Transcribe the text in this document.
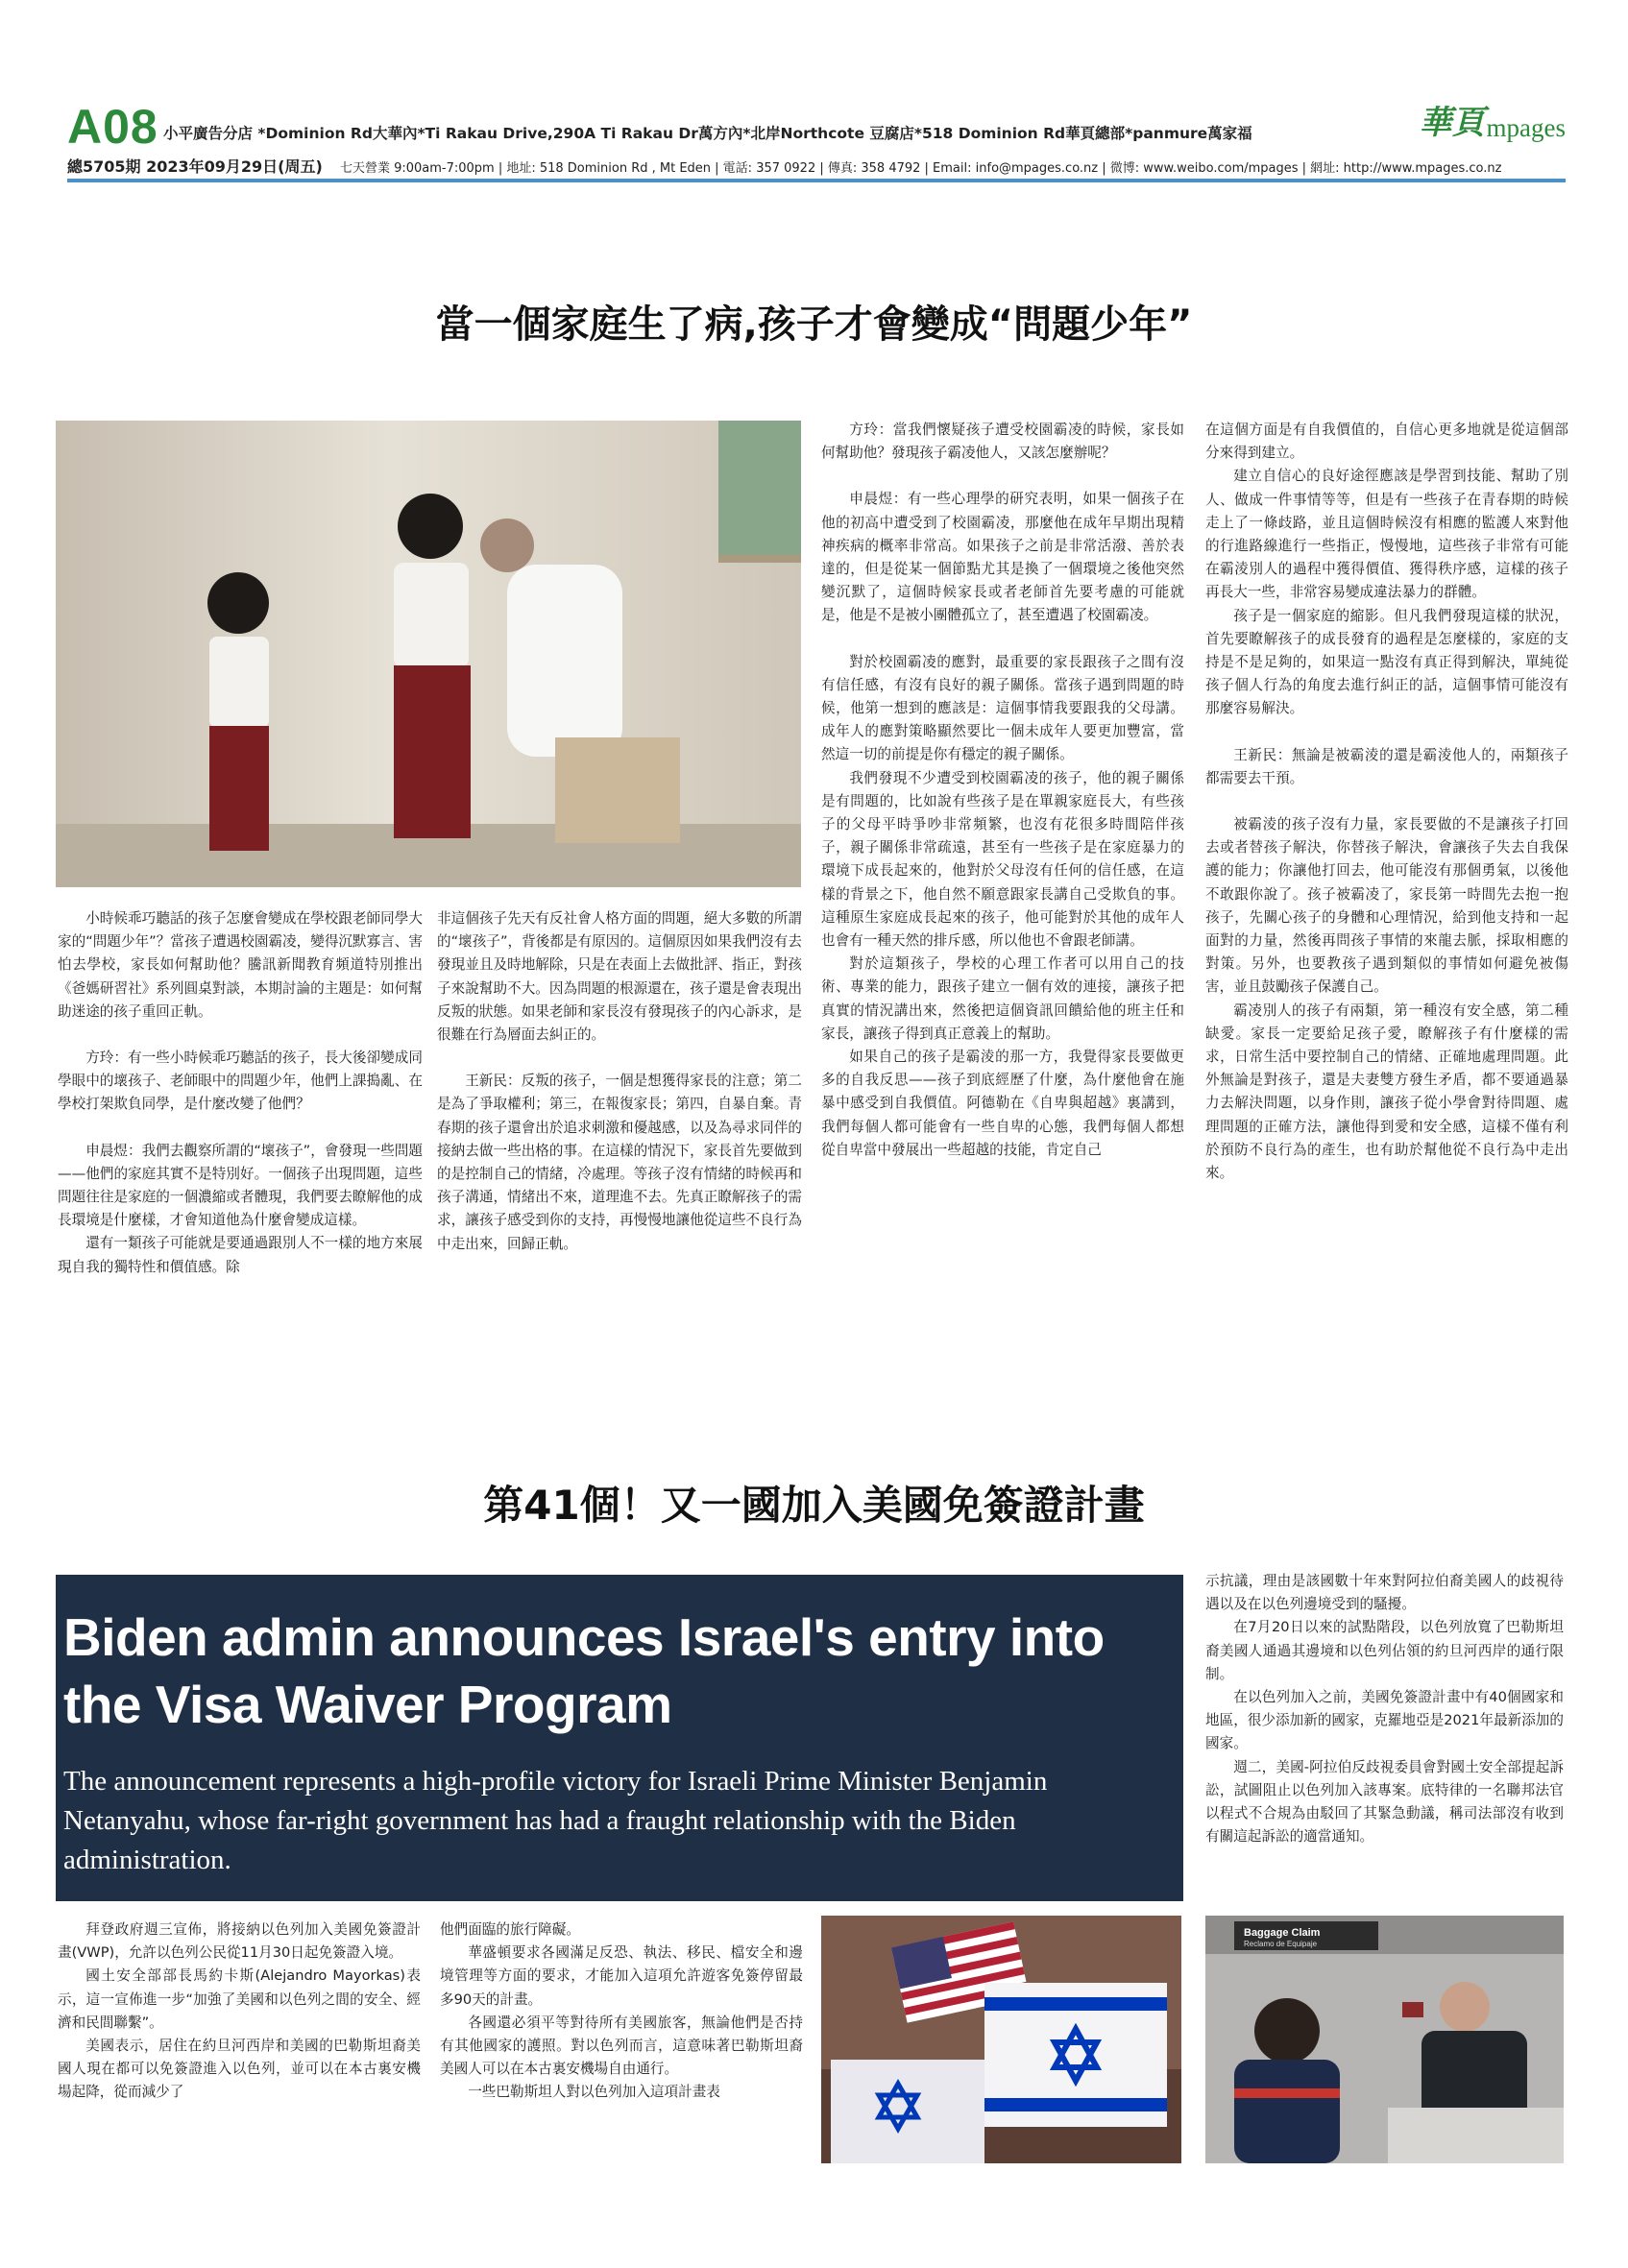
A08 小平廣告分店 *Dominion Rd大華內*Ti Rakau Drive,290A Ti Rakau Dr萬方內*北岸Northcote 豆腐店*518 Dominion Rd華頁總部*panmure萬家福	華頁 mpages
總5705期 2023年09月29日(周五) 七天營業 9:00am-7:00pm | 地址: 518 Dominion Rd , Mt Eden | 電話: 357 0922 | 傳真: 358 4792 | Email: info@mpages.co.nz | 微博: www.weibo.com/mpages | 網址: http://www.mpages.co.nz
當一個家庭生了病,孩子才會變成“問題少年”

小時候乖巧聽話的孩子怎麼會變成在學校跟老師同學大家的“問題少年”？當孩子遭遇校園霸凌，變得沉默寡言、害怕去學校，家長如何幫助他？騰訊新聞教育頻道特別推出《爸媽研習社》系列圓桌對談，本期討論的主題是：如何幫助迷途的孩子重回正軌。

方玲：有一些小時候乖巧聽話的孩子，長大後卻變成同學眼中的壞孩子、老師眼中的問題少年，他們上課搗亂、在學校打架欺負同學，是什麼改變了他們？

申晨煜：我們去觀察所謂的“壞孩子”，會發現一些問題——他們的家庭其實不是特別好。一個孩子出現問題，這些問題往往是家庭的一個濃縮或者體現，我們要去瞭解他的成長環境是什麼樣，才會知道他為什麼會變成這樣。

還有一類孩子可能就是要通過跟別人不一樣的地方來展現自我的獨特性和價值感。除

非這個孩子先天有反社會人格方面的問題，絕大多數的所謂的“壞孩子”，背後都是有原因的。這個原因如果我們沒有去發現並且及時地解除，只是在表面上去做批評、指正，對孩子來說幫助不大。因為問題的根源還在，孩子還是會表現出反叛的狀態。如果老師和家長沒有發現孩子的內心訴求，是很難在行為層面去糾正的。

王新民：反叛的孩子，一個是想獲得家長的注意；第二是為了爭取權利；第三，在報復家長；第四，自暴自棄。青春期的孩子還會出於追求刺激和優越感，以及為尋求同伴的接納去做一些出格的事。在這樣的情況下，家長首先要做到的是控制自己的情緒，冷處理。等孩子沒有情緒的時候再和孩子溝通，情緒出不來，道理進不去。先真正瞭解孩子的需求，讓孩子感受到你的支持，再慢慢地讓他從這些不良行為中走出來，回歸正軌。

方玲：當我們懷疑孩子遭受校園霸凌的時候，家長如何幫助他？發現孩子霸凌他人，又該怎麼辦呢？

申晨煜：有一些心理學的研究表明，如果一個孩子在他的初高中遭受到了校園霸凌，那麼他在成年早期出現精神疾病的概率非常高。如果孩子之前是非常活潑、善於表達的，但是從某一個節點尤其是換了一個環境之後他突然變沉默了，這個時候家長或者老師首先要考慮的可能就是，他是不是被小團體孤立了，甚至遭遇了校園霸凌。

對於校園霸凌的應對，最重要的家長跟孩子之間有沒有信任感，有沒有良好的親子關係。當孩子遇到問題的時候，他第一想到的應該是：這個事情我要跟我的父母講。成年人的應對策略顯然要比一個未成年人要更加豐富，當然這一切的前提是你有穩定的親子關係。

我們發現不少遭受到校園霸凌的孩子，他的親子關係是有問題的，比如說有些孩子是在單親家庭長大，有些孩子的父母平時爭吵非常頻繁，也沒有花很多時間陪伴孩子，親子關係非常疏遠，甚至有一些孩子是在家庭暴力的環境下成長起來的，他對於父母沒有任何的信任感，在這樣的背景之下，他自然不願意跟家長講自己受欺負的事。這種原生家庭成長起來的孩子，他可能對於其他的成年人也會有一種天然的排斥感，所以他也不會跟老師講。

對於這類孩子，學校的心理工作者可以用自己的技術、專業的能力，跟孩子建立一個有效的連接，讓孩子把真實的情況講出來，然後把這個資訊回饋給他的班主任和家長，讓孩子得到真正意義上的幫助。

如果自己的孩子是霸淩的那一方，我覺得家長要做更多的自我反思——孩子到底經歷了什麼，為什麼他會在施暴中感受到自我價值。阿德勒在《自卑與超越》裏講到，我們每個人都可能會有一些自卑的心態，我們每個人都想從自卑當中發展出一些超越的技能，肯定自己

在這個方面是有自我價值的，自信心更多地就是從這個部分來得到建立。

建立自信心的良好途徑應該是學習到技能、幫助了別人、做成一件事情等等，但是有一些孩子在青春期的時候走上了一條歧路，並且這個時候沒有相應的監護人來對他的行進路線進行一些指正，慢慢地，這些孩子非常有可能在霸淩別人的過程中獲得價值、獲得秩序感，這樣的孩子再長大一些，非常容易變成違法暴力的群體。

孩子是一個家庭的縮影。但凡我們發現這樣的狀況，首先要瞭解孩子的成長發育的過程是怎麼樣的，家庭的支持是不是足夠的，如果這一點沒有真正得到解決，單純從孩子個人行為的角度去進行糾正的話，這個事情可能沒有那麼容易解決。

王新民：無論是被霸淩的還是霸淩他人的，兩類孩子都需要去干預。

被霸淩的孩子沒有力量，家長要做的不是讓孩子打回去或者替孩子解決，你替孩子解決，會讓孩子失去自我保護的能力；你讓他打回去，他可能沒有那個勇氣，以後他不敢跟你說了。孩子被霸凌了，家長第一時間先去抱一抱孩子，先關心孩子的身體和心理情況，給到他支持和一起面對的力量，然後再問孩子事情的來龍去脈，採取相應的對策。另外，也要教孩子遇到類似的事情如何避免被傷害，並且鼓勵孩子保護自己。

霸凌別人的孩子有兩類，第一種沒有安全感，第二種缺愛。家長一定要給足孩子愛，瞭解孩子有什麼樣的需求，日常生活中要控制自己的情緒、正確地處理問題。此外無論是對孩子，還是夫妻雙方發生矛盾，都不要通過暴力去解決問題，以身作則，讓孩子從小學會對待問題、處理問題的正確方法，讓他得到愛和安全感，這樣不僅有利於預防不良行為的產生，也有助於幫他從不良行為中走出來。

第41個！又一國加入美國免簽證計畫
Biden admin announces Israel's entry into the Visa Waiver Program
The announcement represents a high-profile victory for Israeli Prime Minister Benjamin Netanyahu, whose far-right government has had a fraught relationship with the Biden administration.

拜登政府週三宣佈，將接納以色列加入美國免簽證計畫(VWP)，允許以色列公民從11月30日起免簽證入境。

國土安全部部長馬約卡斯(Alejandro Mayorkas)表示，這一宣佈進一步“加強了美國和以色列之間的安全、經濟和民間聯繫”。

美國表示，居住在約旦河西岸和美國的巴勒斯坦裔美國人現在都可以免簽證進入以色列，並可以在本古裏安機場起降，從而減少了

他們面臨的旅行障礙。

華盛頓要求各國滿足反恐、執法、移民、檔安全和邊境管理等方面的要求，才能加入這項允許遊客免簽停留最多90天的計畫。

各國還必須平等對待所有美國旅客，無論他們是否持有其他國家的護照。對以色列而言，這意味著巴勒斯坦裔美國人可以在本古裏安機場自由通行。

一些巴勒斯坦人對以色列加入這項計畫表

示抗議，理由是該國數十年來對阿拉伯裔美國人的歧視待遇以及在以色列邊境受到的騷擾。

在7月20日以來的試點階段，以色列放寬了巴勒斯坦裔美國人通過其邊境和以色列佔領的約旦河西岸的通行限制。

在以色列加入之前，美國免簽證計畫中有40個國家和地區，很少添加新的國家，克羅地亞是2021年最新添加的國家。

週二，美國-阿拉伯反歧視委員會對國土安全部提起訴訟，試圖阻止以色列加入該專案。底特律的一名聯邦法官以程式不合規為由駁回了其緊急動議，稱司法部沒有收到有關這起訴訟的適當通知。

Baggage Claim
Reclamo de Equipaje
